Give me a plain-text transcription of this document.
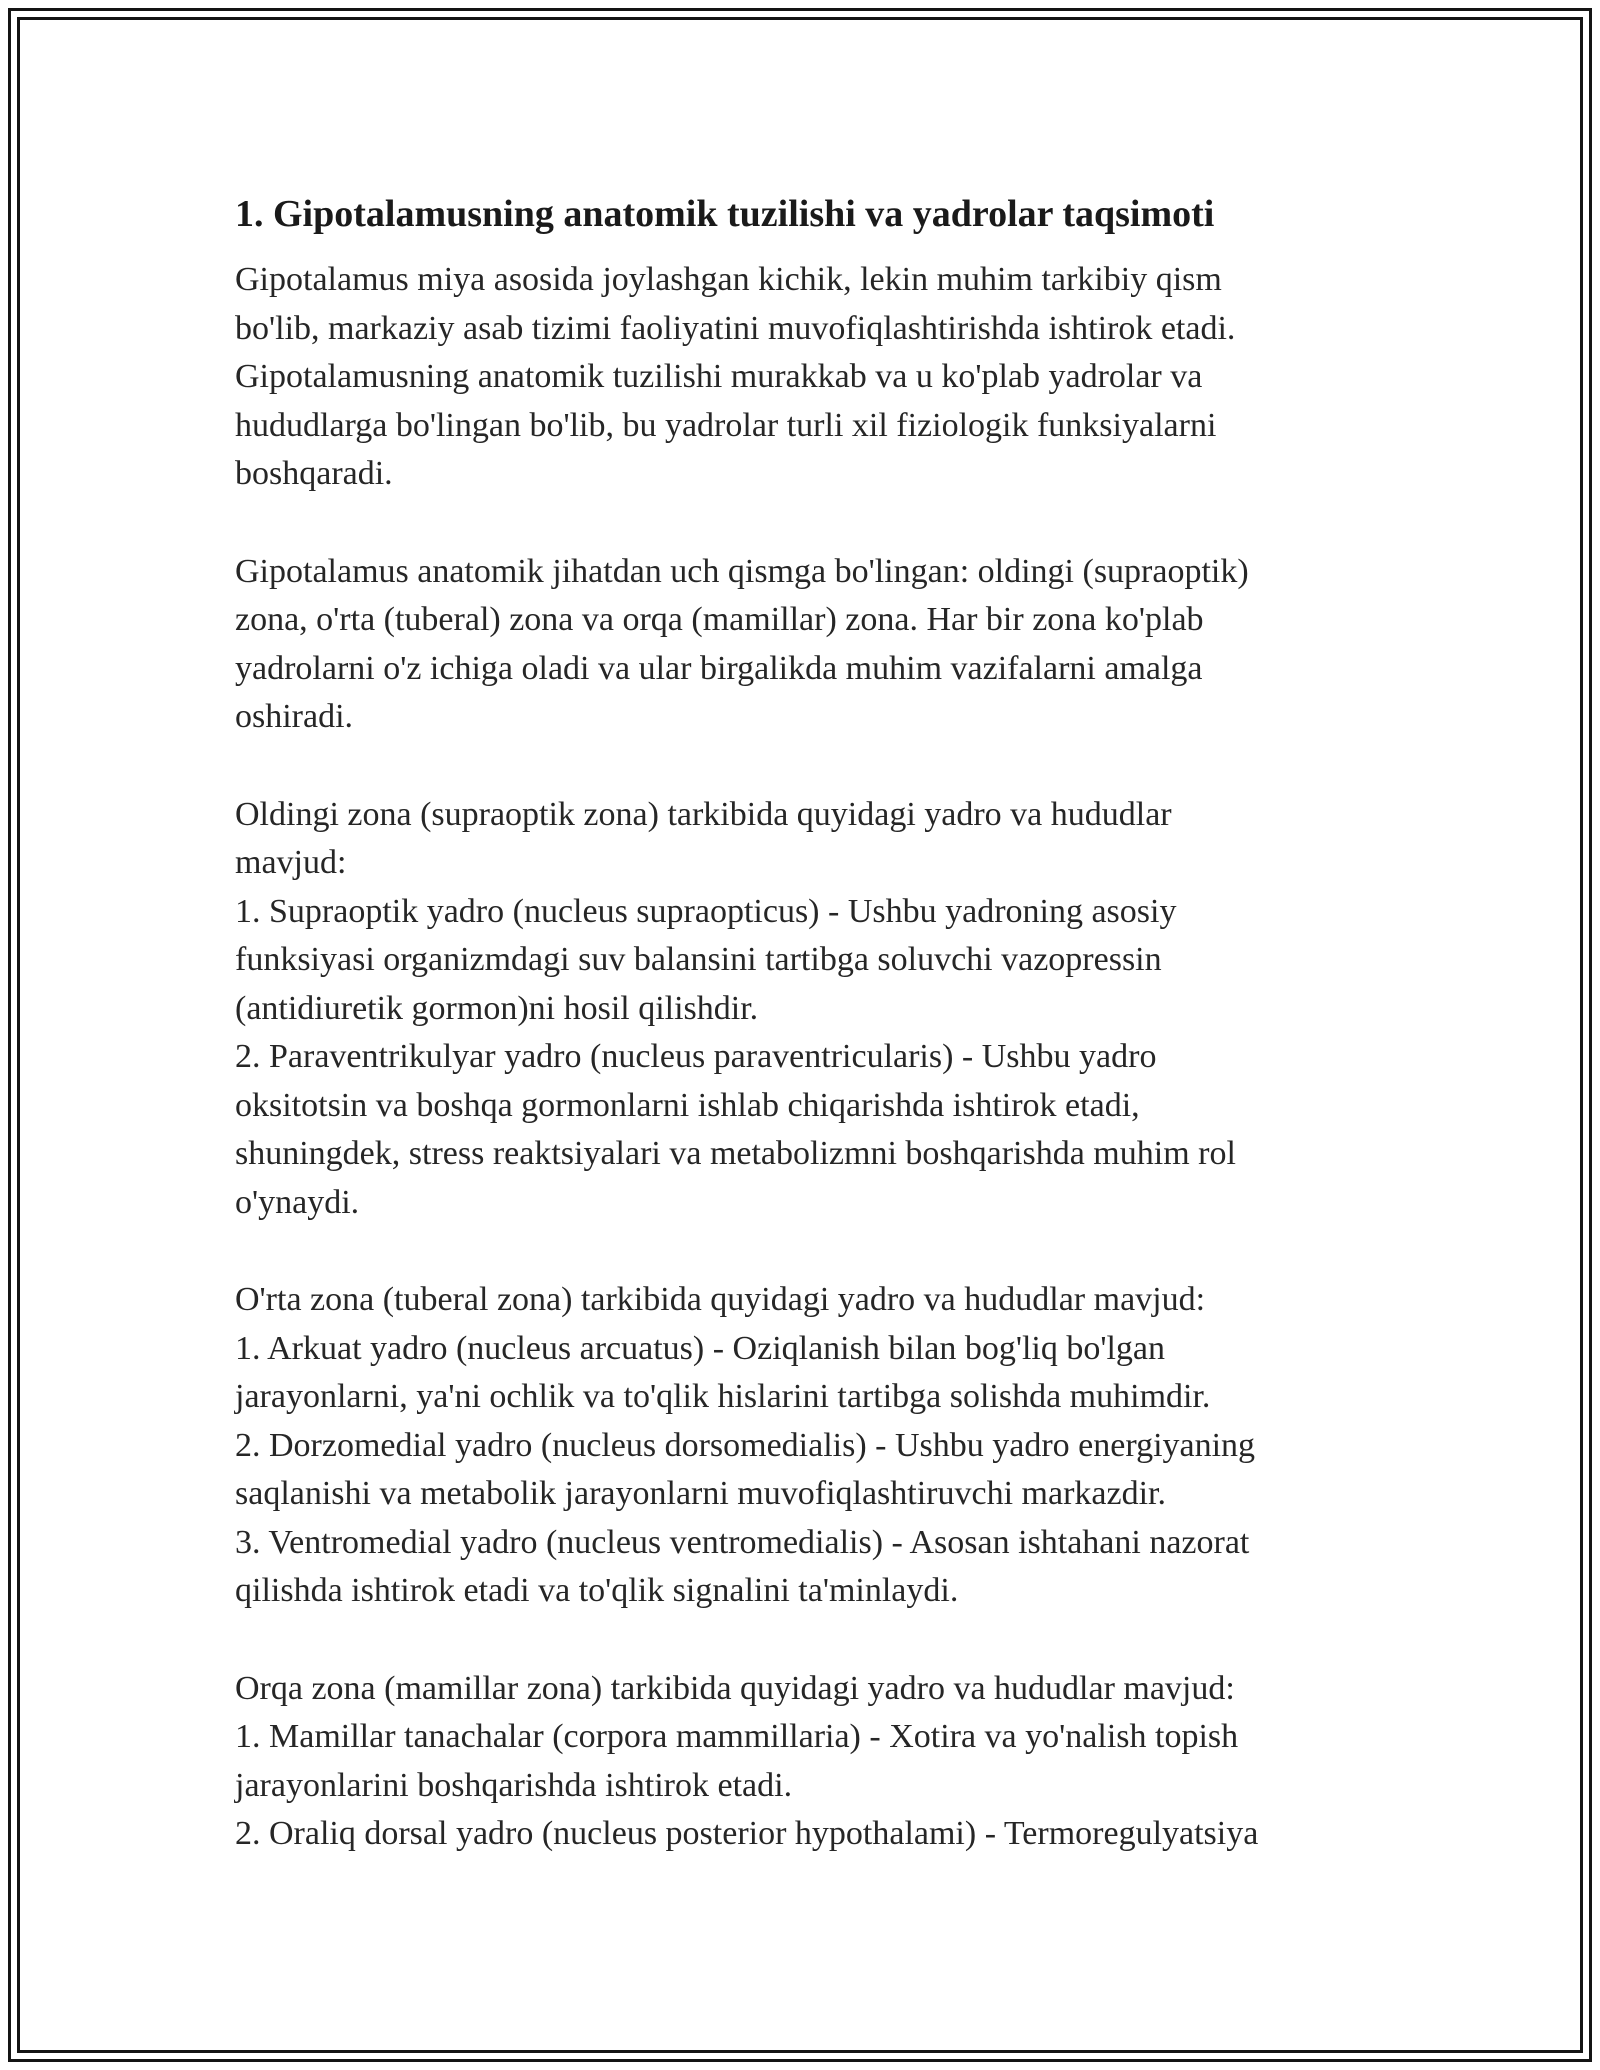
1. Gipotalamusning anatomik tuzilishi va yadrolar taqsimoti

Gipotalamus miya asosida joylashgan kichik, lekin muhim tarkibiy qism
bo'lib, markaziy asab tizimi faoliyatini muvofiqlashtirishda ishtirok etadi.
Gipotalamusning anatomik tuzilishi murakkab va u ko'plab yadrolar va
hududlarga bo'lingan bo'lib, bu yadrolar turli xil fiziologik funksiyalarni
boshqaradi.

Gipotalamus anatomik jihatdan uch qismga bo'lingan: oldingi (supraoptik)
zona, o'rta (tuberal) zona va orqa (mamillar) zona. Har bir zona ko'plab
yadrolarni o'z ichiga oladi va ular birgalikda muhim vazifalarni amalga
oshiradi.

Oldingi zona (supraoptik zona) tarkibida quyidagi yadro va hududlar
mavjud:
1. Supraoptik yadro (nucleus supraopticus) - Ushbu yadroning asosiy
funksiyasi organizmdagi suv balansini tartibga soluvchi vazopressin
(antidiuretik gormon)ni hosil qilishdir.
2. Paraventrikulyar yadro (nucleus paraventricularis) - Ushbu yadro
oksitotsin va boshqa gormonlarni ishlab chiqarishda ishtirok etadi,
shuningdek, stress reaktsiyalari va metabolizmni boshqarishda muhim rol
o'ynaydi.

O'rta zona (tuberal zona) tarkibida quyidagi yadro va hududlar mavjud:
1. Arkuat yadro (nucleus arcuatus) - Oziqlanish bilan bog'liq bo'lgan
jarayonlarni, ya'ni ochlik va to'qlik hislarini tartibga solishda muhimdir.
2. Dorzomedial yadro (nucleus dorsomedialis) - Ushbu yadro energiyaning
saqlanishi va metabolik jarayonlarni muvofiqlashtiruvchi markazdir.
3. Ventromedial yadro (nucleus ventromedialis) - Asosan ishtahani nazorat
qilishda ishtirok etadi va to'qlik signalini ta'minlaydi.

Orqa zona (mamillar zona) tarkibida quyidagi yadro va hududlar mavjud:
1. Mamillar tanachalar (corpora mammillaria) - Xotira va yo'nalish topish
jarayonlarini boshqarishda ishtirok etadi.
2. Oraliq dorsal yadro (nucleus posterior hypothalami) - Termoregulyatsiya
